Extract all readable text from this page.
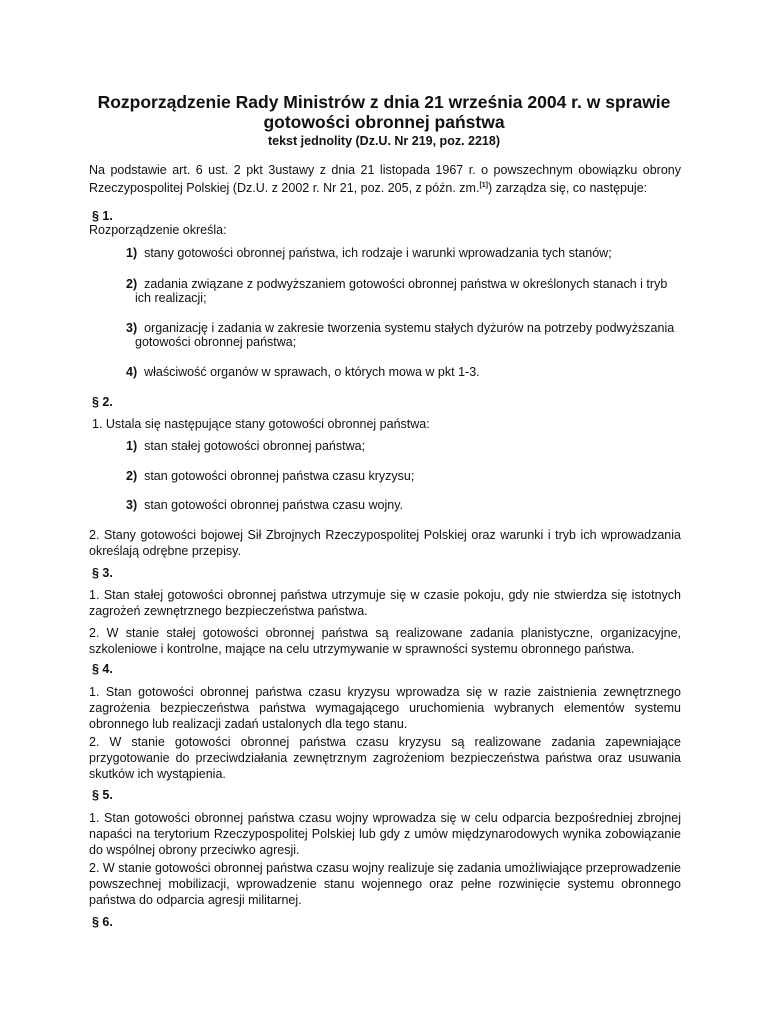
Rozporządzenie Rady Ministrów z dnia 21 września 2004 r. w sprawie gotowości obronnej państwa
tekst jednolity (Dz.U. Nr 219, poz. 2218)
Na podstawie art. 6 ust. 2 pkt 3ustawy z dnia 21 listopada 1967 r. o powszechnym obowiązku obrony Rzeczypospolitej Polskiej (Dz.U. z 2002 r. Nr 21, poz. 205, z późn. zm.[1]) zarządza się, co następuje:
§ 1.
Rozporządzenie określa:
1) stany gotowości obronnej państwa, ich rodzaje i warunki wprowadzania tych stanów;
2) zadania związane z podwyższaniem gotowości obronnej państwa w określonych stanach i tryb
ich realizacji;
3) organizację i zadania w zakresie tworzenia systemu stałych dyżurów na potrzeby podwyższania
gotowości obronnej państwa;
4) właściwość organów w sprawach, o których mowa w pkt 1-3.
§ 2.
1. Ustala się następujące stany gotowości obronnej państwa:
1) stan stałej gotowości obronnej państwa;
2) stan gotowości obronnej państwa czasu kryzysu;
3) stan gotowości obronnej państwa czasu wojny.
2. Stany gotowości bojowej Sił Zbrojnych Rzeczypospolitej Polskiej oraz warunki i tryb ich wprowadzania określają odrębne przepisy.
§ 3.
1. Stan stałej gotowości obronnej państwa utrzymuje się w czasie pokoju, gdy nie stwierdza się istotnych zagrożeń zewnętrznego bezpieczeństwa państwa.
2. W stanie stałej gotowości obronnej państwa są realizowane zadania planistyczne, organizacyjne, szkoleniowe i kontrolne, mające na celu utrzymywanie w sprawności systemu obronnego państwa.
§ 4.
1. Stan gotowości obronnej państwa czasu kryzysu wprowadza się w razie zaistnienia zewnętrznego zagrożenia bezpieczeństwa państwa wymagającego uruchomienia wybranych elementów systemu obronnego lub realizacji zadań ustalonych dla tego stanu.
2. W stanie gotowości obronnej państwa czasu kryzysu są realizowane zadania zapewniające przygotowanie do przeciwdziałania zewnętrznym zagrożeniom bezpieczeństwa państwa oraz usuwania skutków ich wystąpienia.
§ 5.
1. Stan gotowości obronnej państwa czasu wojny wprowadza się w celu odparcia bezpośredniej zbrojnej napaści na terytorium Rzeczypospolitej Polskiej lub gdy z umów międzynarodowych wynika zobowiązanie do wspólnej obrony przeciwko agresji.
2. W stanie gotowości obronnej państwa czasu wojny realizuje się zadania umożliwiające przeprowadzenie powszechnej mobilizacji, wprowadzenie stanu wojennego oraz pełne rozwinięcie systemu obronnego państwa do odparcia agresji militarnej.
§ 6.
